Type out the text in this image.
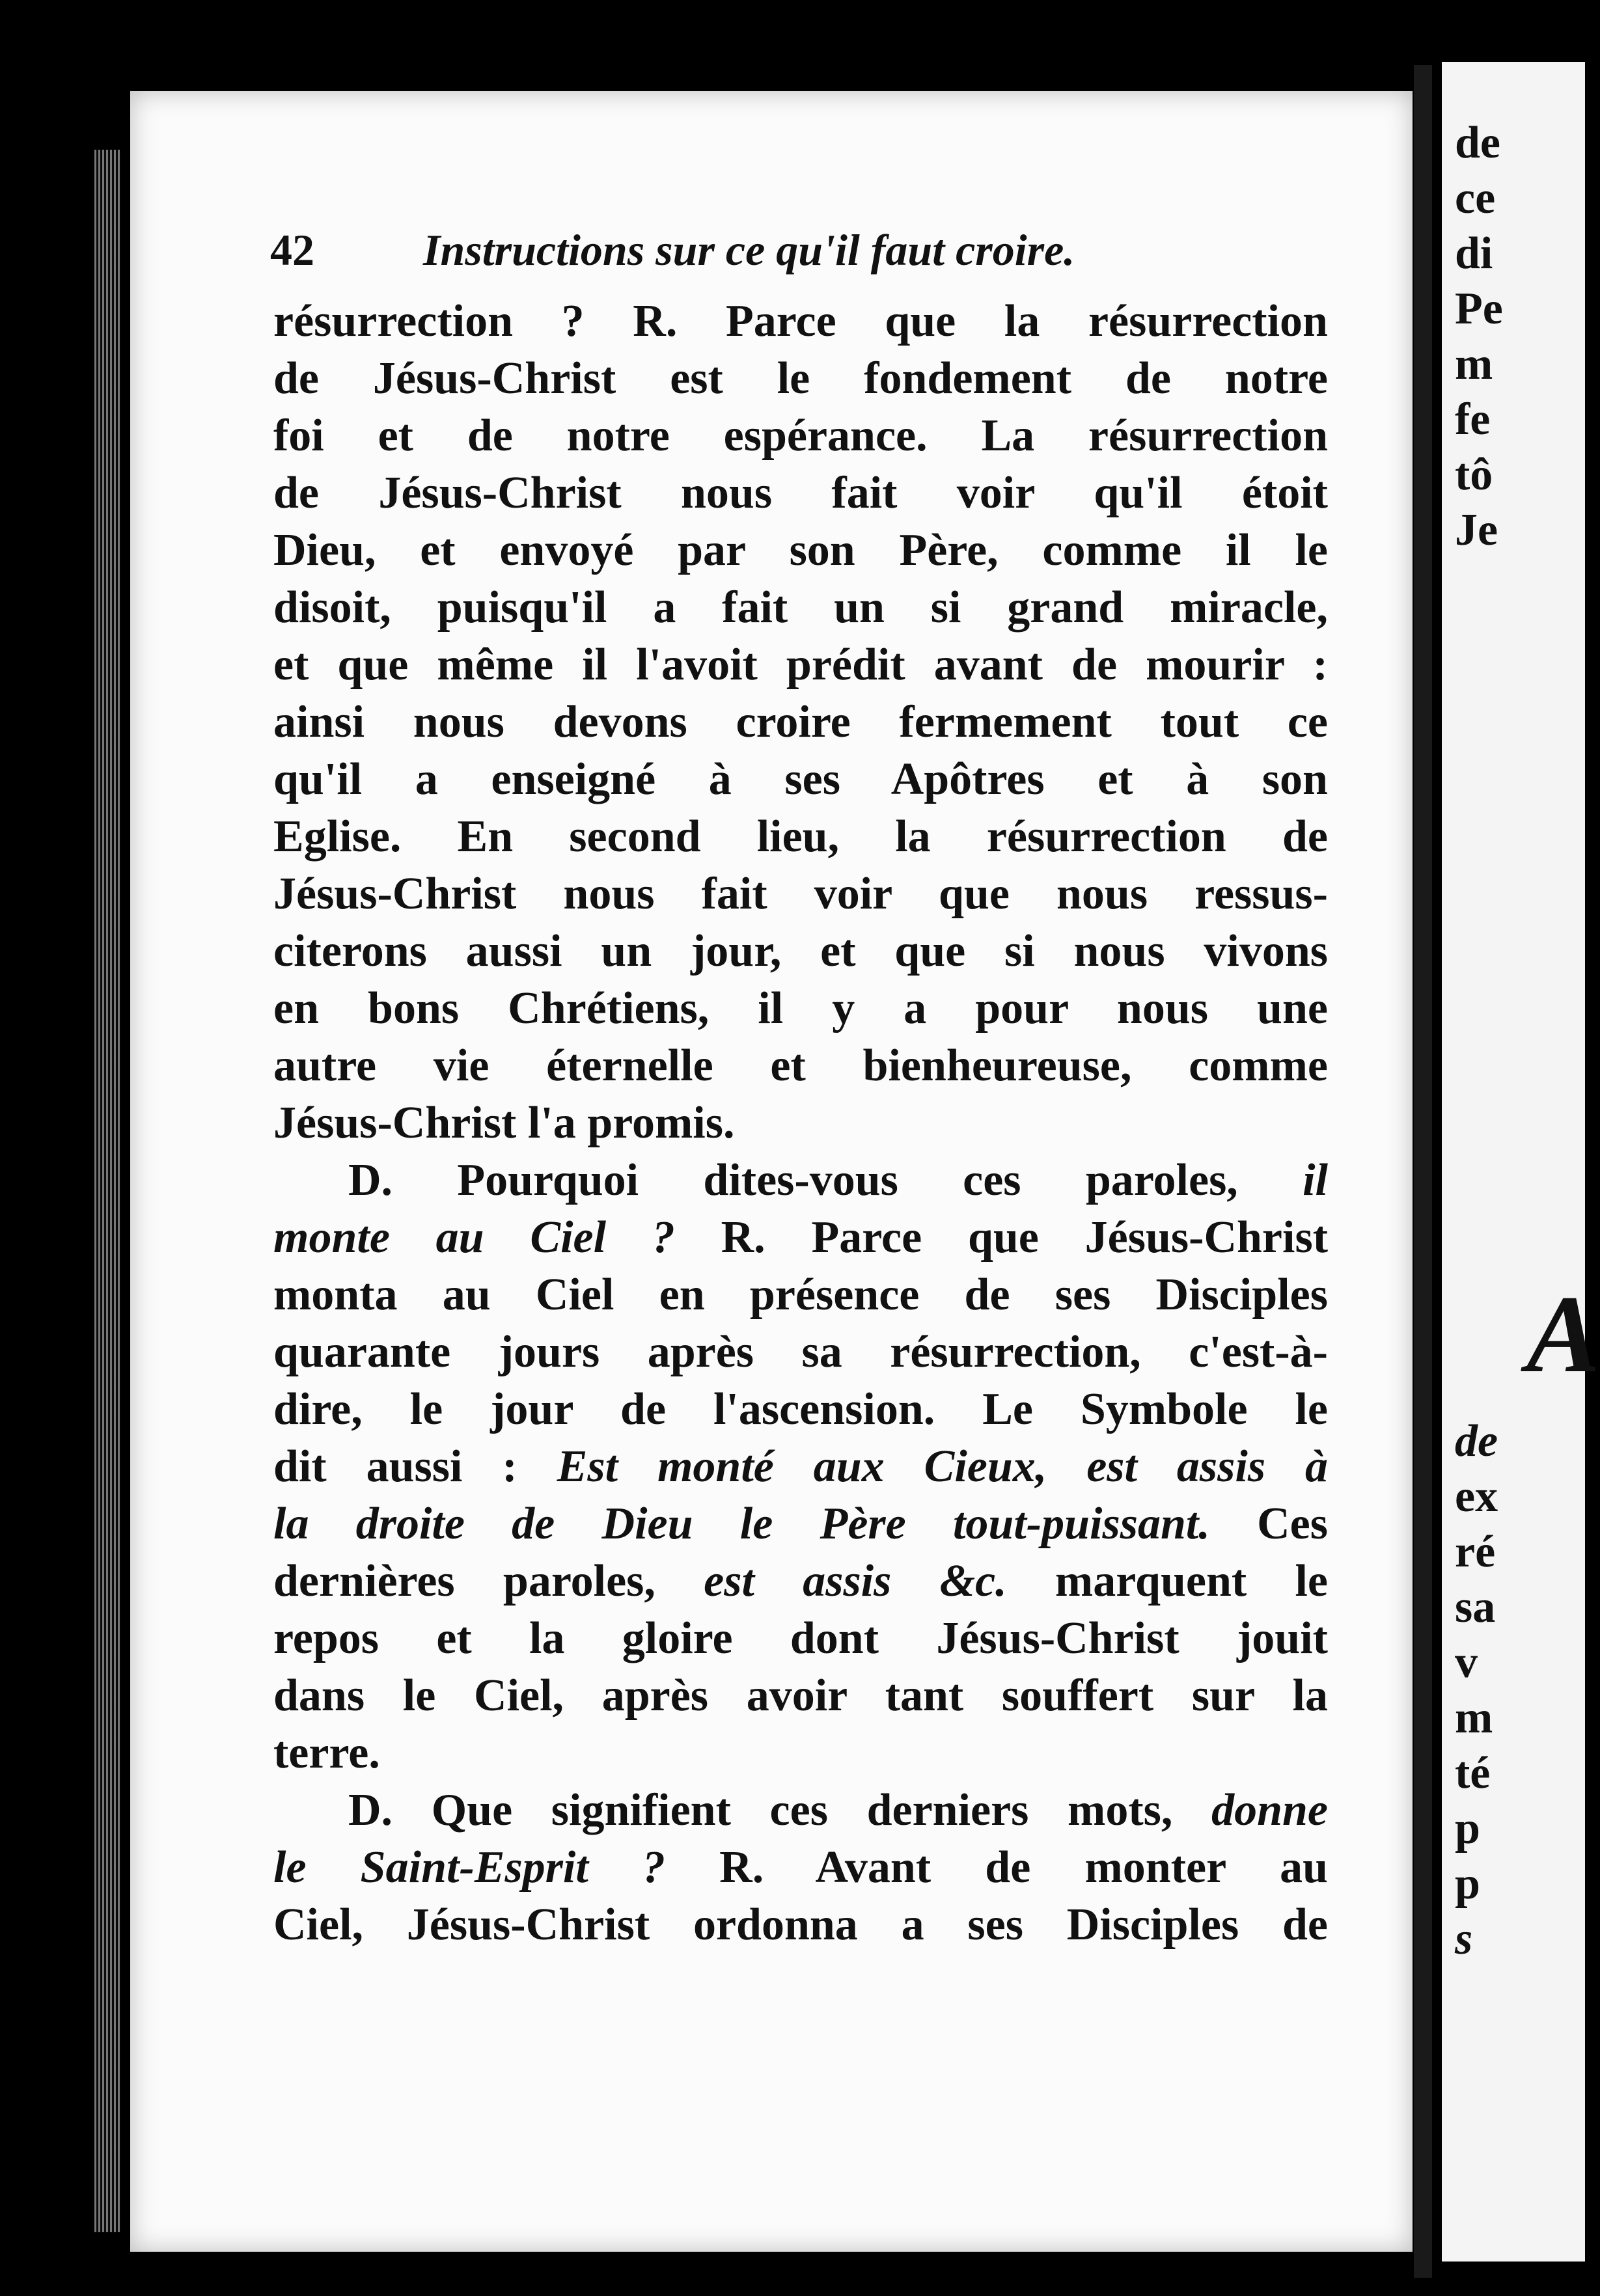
de
ce
di
Pe
m
fe
tô
Je
A
de
ex
ré
sa
v
m
té
p
p
s
42 Instructions sur ce qu'il faut croire.
résurrection ? R. Parce que la résurrection
de Jésus-Christ est le fondement de notre
foi et de notre espérance. La résurrection
de Jésus-Christ nous fait voir qu'il étoit
Dieu, et envoyé par son Père, comme il le
disoit, puisqu'il a fait un si grand miracle,
et que même il l'avoit prédit avant de mourir :
ainsi nous devons croire fermement tout ce
qu'il a enseigné à ses Apôtres et à son
Eglise. En second lieu, la résurrection de
Jésus-Christ nous fait voir que nous ressus-
citerons aussi un jour, et que si nous vivons
en bons Chrétiens, il y a pour nous une
autre vie éternelle et bienheureuse, comme
Jésus-Christ l'a promis.
D. Pourquoi dites-vous ces paroles, il
monte au Ciel ? R. Parce que Jésus-Christ
monta au Ciel en présence de ses Disciples
quarante jours après sa résurrection, c'est-à-
dire, le jour de l'ascension. Le Symbole le
dit aussi : Est monté aux Cieux, est assis à
la droite de Dieu le Père tout-puissant. Ces
dernières paroles, est assis &c. marquent le
repos et la gloire dont Jésus-Christ jouit
dans le Ciel, après avoir tant souffert sur la
terre.
D. Que signifient ces derniers mots, donne
le Saint-Esprit ? R. Avant de monter au
Ciel, Jésus-Christ ordonna a ses Disciples de
